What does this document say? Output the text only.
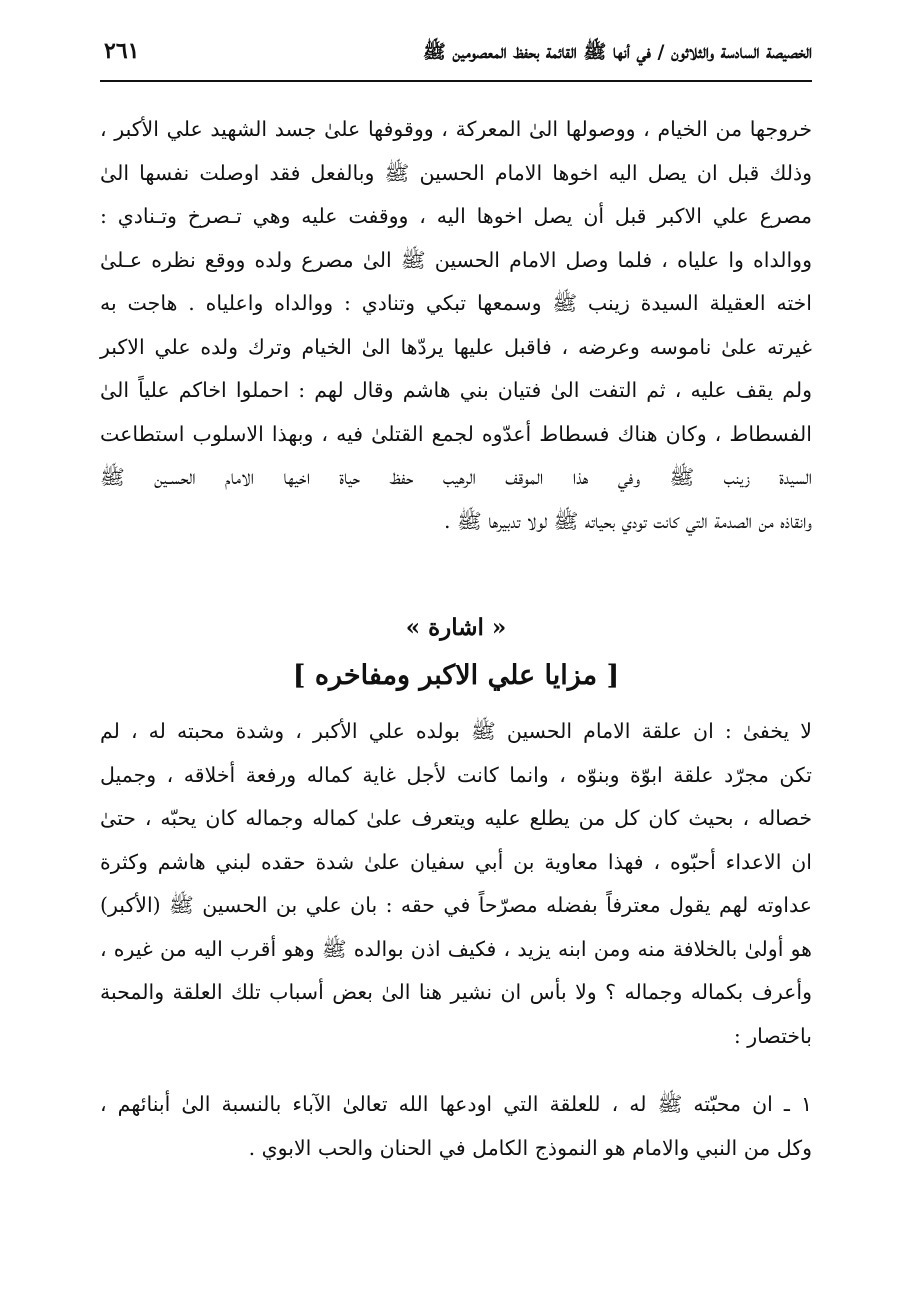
الخصيصة السادسة والثلاثون / في أنها ﷺ القائمة بحفظ المعصومين ﷺ
٢٦١
خروجها من الخيام ، ووصولها الىٰ المعركة ، ووقوفها علىٰ جسد الشهيد علي الأكبر ،
وذلك قبل ان يصل اليه اخوها الامام الحسين ﷺ وبالفعل فقد اوصلت نفسها الىٰ
مصرع علي الاكبر قبل أن يصل اخوها اليه ، ووقفت عليه وهي تـصرخ وتـنادي :
ووالداه وا علياه ، فلما وصل الامام الحسين ﷺ الىٰ مصرع ولده ووقع نظره عـلىٰ
اخته العقيلة السيدة زينب ﷺ وسمعها تبكي وتنادي : ووالداه واعلياه . هاجت به
غيرته علىٰ ناموسه وعرضه ، فاقبل عليها يردّها الىٰ الخيام وترك ولده علي الاكبر
ولم يقف عليه ، ثم التفت الىٰ فتيان بني هاشم وقال لهم : احملوا اخاكم علياً الىٰ
الفسطاط ، وكان هناك فسطاط أعدّوه لجمع القتلىٰ فيه ، وبهذا الاسلوب استطاعت
السيدة زينب ﷺ وفي هذا الموقف الرهيب حفظ حياة اخيها الامام الحسـين ﷺ
وانقاذه من الصدمة التي كانت تودي بحياته ﷺ لولا تدبيرها ﷺ .
« اشارة »
[ مزايا علي الاكبر ومفاخره ]
لا يخفىٰ : ان علقة الامام الحسين ﷺ بولده علي الأكبر ، وشدة محبته له ، لم
تكن مجرّد علقة ابوّة وبنوّه ، وانما كانت لأجل غاية كماله ورفعة أخلاقه ، وجميل
خصاله ، بحيث كان كل من يطلع عليه ويتعرف علىٰ كماله وجماله كان يحبّه ، حتىٰ
ان الاعداء أحبّوه ، فهذا معاوية بن أبي سفيان علىٰ شدة حقده لبني هاشم وكثرة
عداوته لهم يقول معترفاً بفضله مصرّحاً في حقه : بان علي بن الحسين ﷺ (الأكبر)
هو أولىٰ بالخلافة منه ومن ابنه يزيد ، فكيف اذن بوالده ﷺ وهو أقرب اليه من غيره ،
وأعرف بكماله وجماله ؟ ولا بأس ان نشير هنا الىٰ بعض أسباب تلك العلقة والمحبة
باختصار :
١ ـ ان محبّته ﷺ له ، للعلقة التي اودعها الله تعالىٰ الآباء بالنسبة الىٰ أبنائهم ،
وكل من النبي والامام هو النموذج الكامل في الحنان والحب الابوي .
